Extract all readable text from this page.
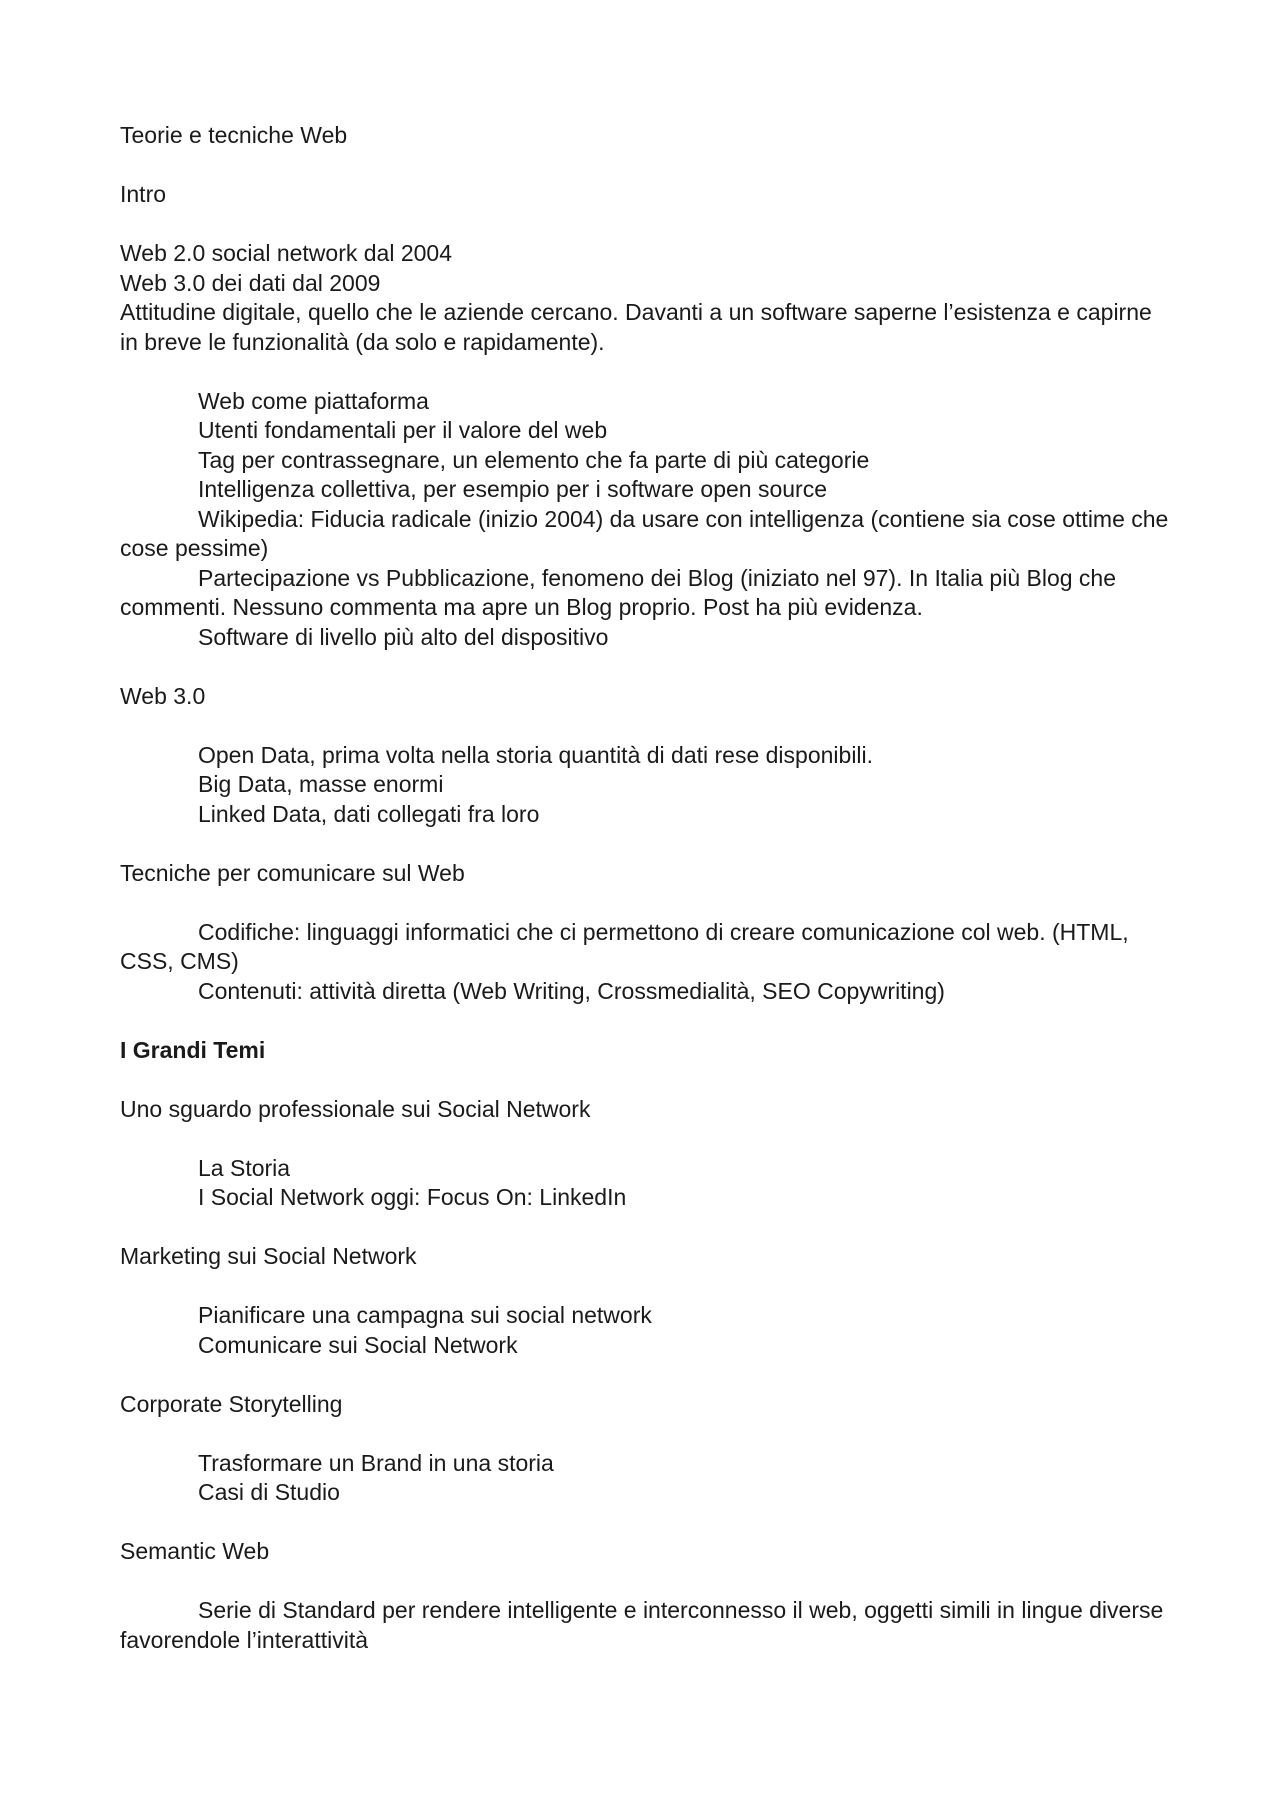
Teorie e tecniche Web

Intro

Web 2.0 social network dal 2004

Web 3.0 dei dati dal 2009

Attitudine digitale, quello che le aziende cercano. Davanti a un software saperne l’esistenza e capirne in breve le funzionalità (da solo e rapidamente).

Web come piattaforma

Utenti fondamentali per il valore del web

Tag per contrassegnare, un elemento che fa parte di più categorie

Intelligenza collettiva, per esempio per i software open source

Wikipedia: Fiducia radicale (inizio 2004) da usare con intelligenza (contiene sia cose ottime che cose pessime)

Partecipazione vs Pubblicazione, fenomeno dei Blog (iniziato nel 97). In Italia più Blog che commenti. Nessuno commenta ma apre un Blog proprio. Post ha più evidenza.

Software di livello più alto del dispositivo

Web 3.0

Open Data, prima volta nella storia quantità di dati rese disponibili.

Big Data, masse enormi

Linked Data, dati collegati fra loro

Tecniche per comunicare sul Web

Codifiche: linguaggi informatici che ci permettono di creare comunicazione col web. (HTML, CSS, CMS)

Contenuti: attività diretta (Web Writing, Crossmedialità, SEO Copywriting)

I Grandi Temi

Uno sguardo professionale sui Social Network

La Storia

I Social Network oggi: Focus On: LinkedIn

Marketing sui Social Network

Pianificare una campagna sui social network

Comunicare sui Social Network

Corporate Storytelling

Trasformare un Brand in una storia

Casi di Studio

Semantic Web

Serie di Standard per rendere intelligente e interconnesso il web, oggetti simili in lingue diverse favorendole l’interattività
